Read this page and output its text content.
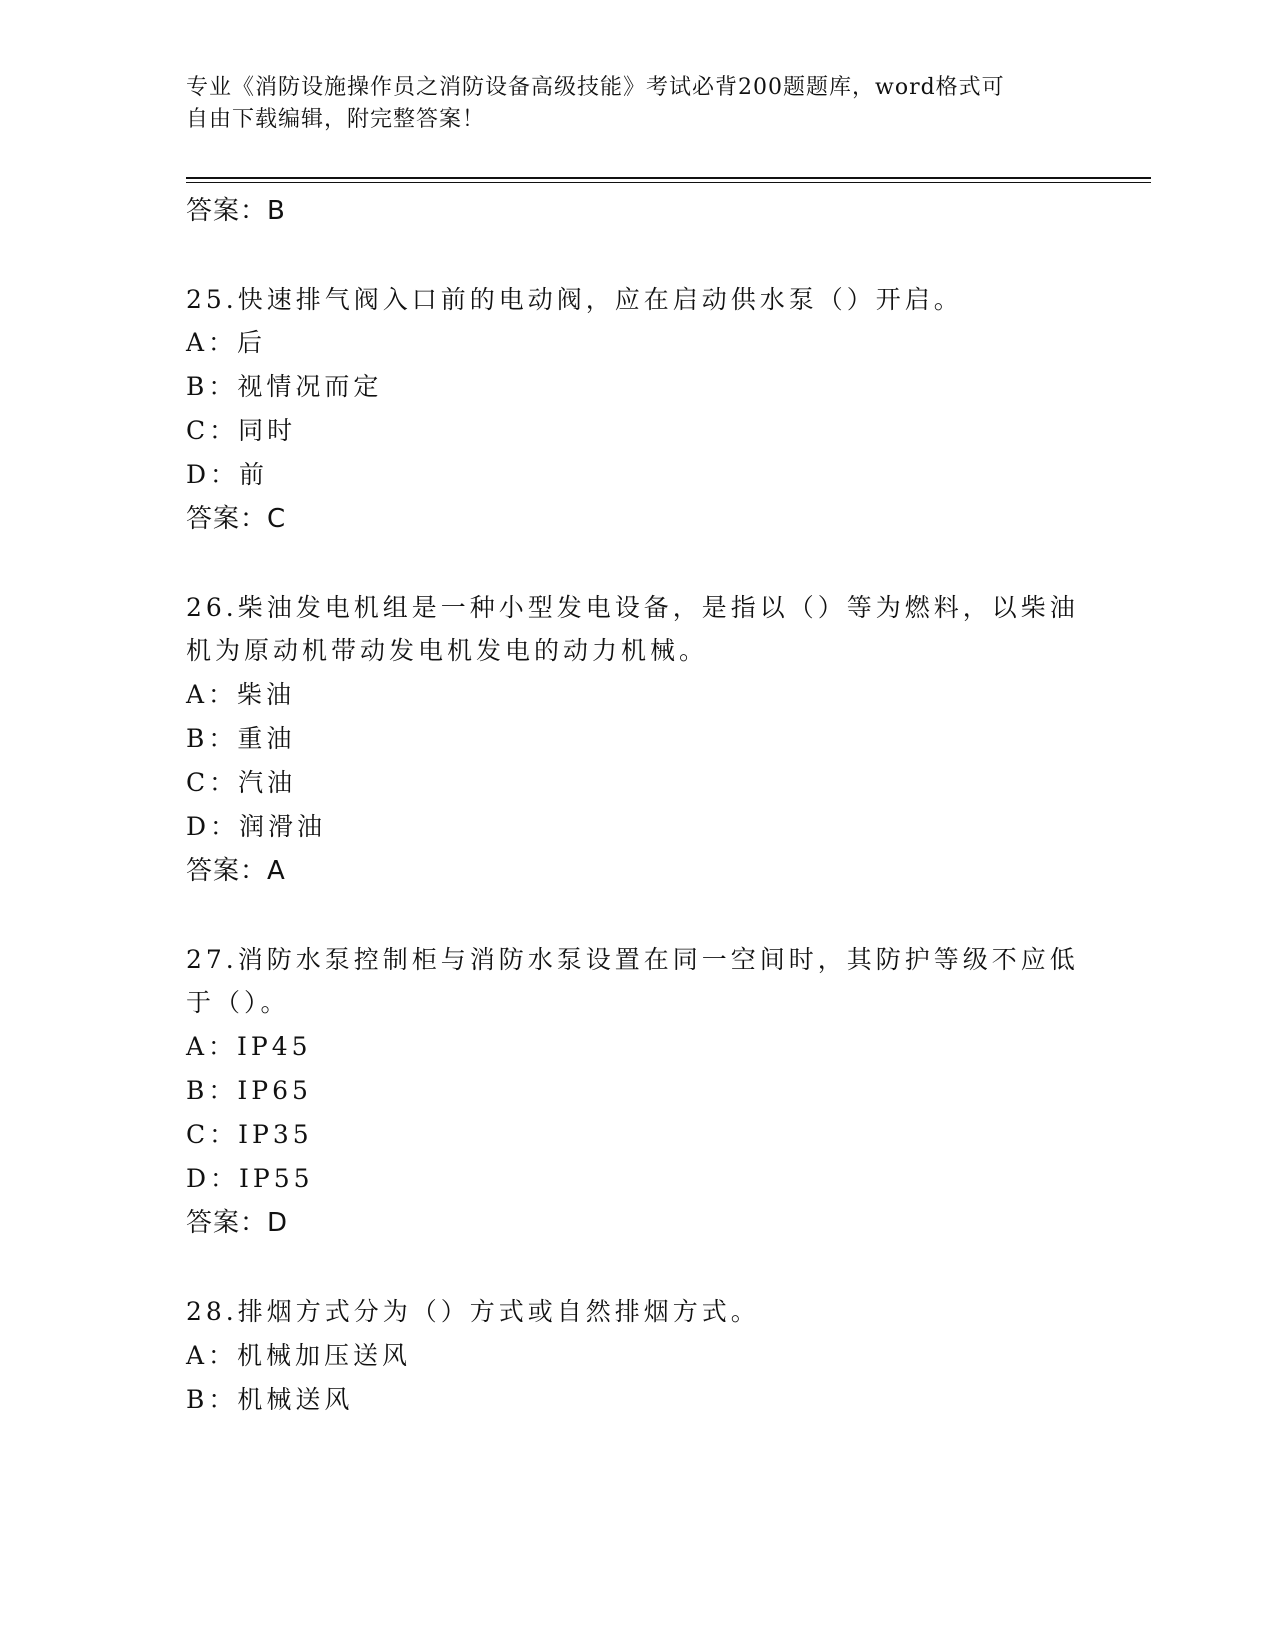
专业《消防设施操作员之消防设备高级技能》考试必背200题题库，word格式可
自由下载编辑，附完整答案！
答案：B
25.快速排气阀入口前的电动阀，应在启动供水泵（）开启。
A：后
B：视情况而定
C：同时
D：前
答案：C
26.柴油发电机组是一种小型发电设备，是指以（）等为燃料，以柴油
机为原动机带动发电机发电的动力机械。
A：柴油
B：重油
C：汽油
D：润滑油
答案：A
27.消防水泵控制柜与消防水泵设置在同一空间时，其防护等级不应低
于（）。
A：IP45
B：IP65
C：IP35
D：IP55
答案：D
28.排烟方式分为（）方式或自然排烟方式。
A：机械加压送风
B：机械送风
